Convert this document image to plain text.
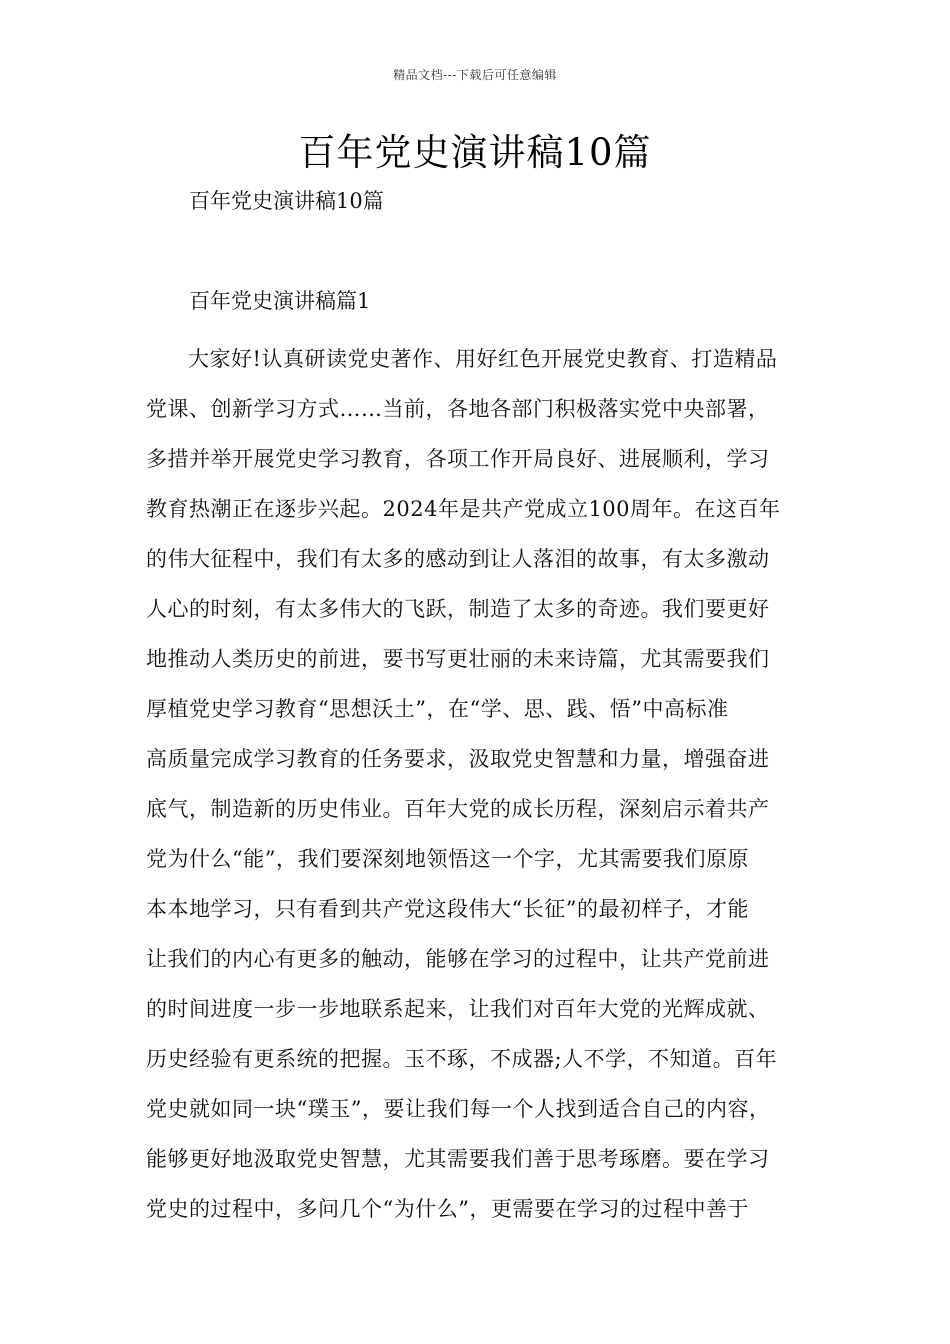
精品文档---下载后可任意编辑
百年党史演讲稿10篇
百年党史演讲稿10篇
百年党史演讲稿篇1
大家好!认真研读党史著作、用好红色开展党史教育、打造精品
党课、创新学习方式……当前，各地各部门积极落实党中央部署，
多措并举开展党史学习教育，各项工作开局良好、进展顺利，学习
教育热潮正在逐步兴起。2024年是共产党成立100周年。在这百年
的伟大征程中，我们有太多的感动到让人落泪的故事，有太多激动
人心的时刻，有太多伟大的飞跃，制造了太多的奇迹。我们要更好
地推动人类历史的前进，要书写更壮丽的未来诗篇，尤其需要我们
厚植党史学习教育“思想沃土”，在“学、思、践、悟”中高标准
高质量完成学习教育的任务要求，汲取党史智慧和力量，增强奋进
底气，制造新的历史伟业。百年大党的成长历程，深刻启示着共产
党为什么“能”，我们要深刻地领悟这一个字，尤其需要我们原原
本本地学习，只有看到共产党这段伟大“长征”的最初样子，才能
让我们的内心有更多的触动，能够在学习的过程中，让共产党前进
的时间进度一步一步地联系起来，让我们对百年大党的光辉成就、
历史经验有更系统的把握。玉不琢，不成器;人不学，不知道。百年
党史就如同一块“璞玉”，要让我们每一个人找到适合自己的内容，
能够更好地汲取党史智慧，尤其需要我们善于思考琢磨。要在学习
党史的过程中，多问几个“为什么”，更需要在学习的过程中善于
